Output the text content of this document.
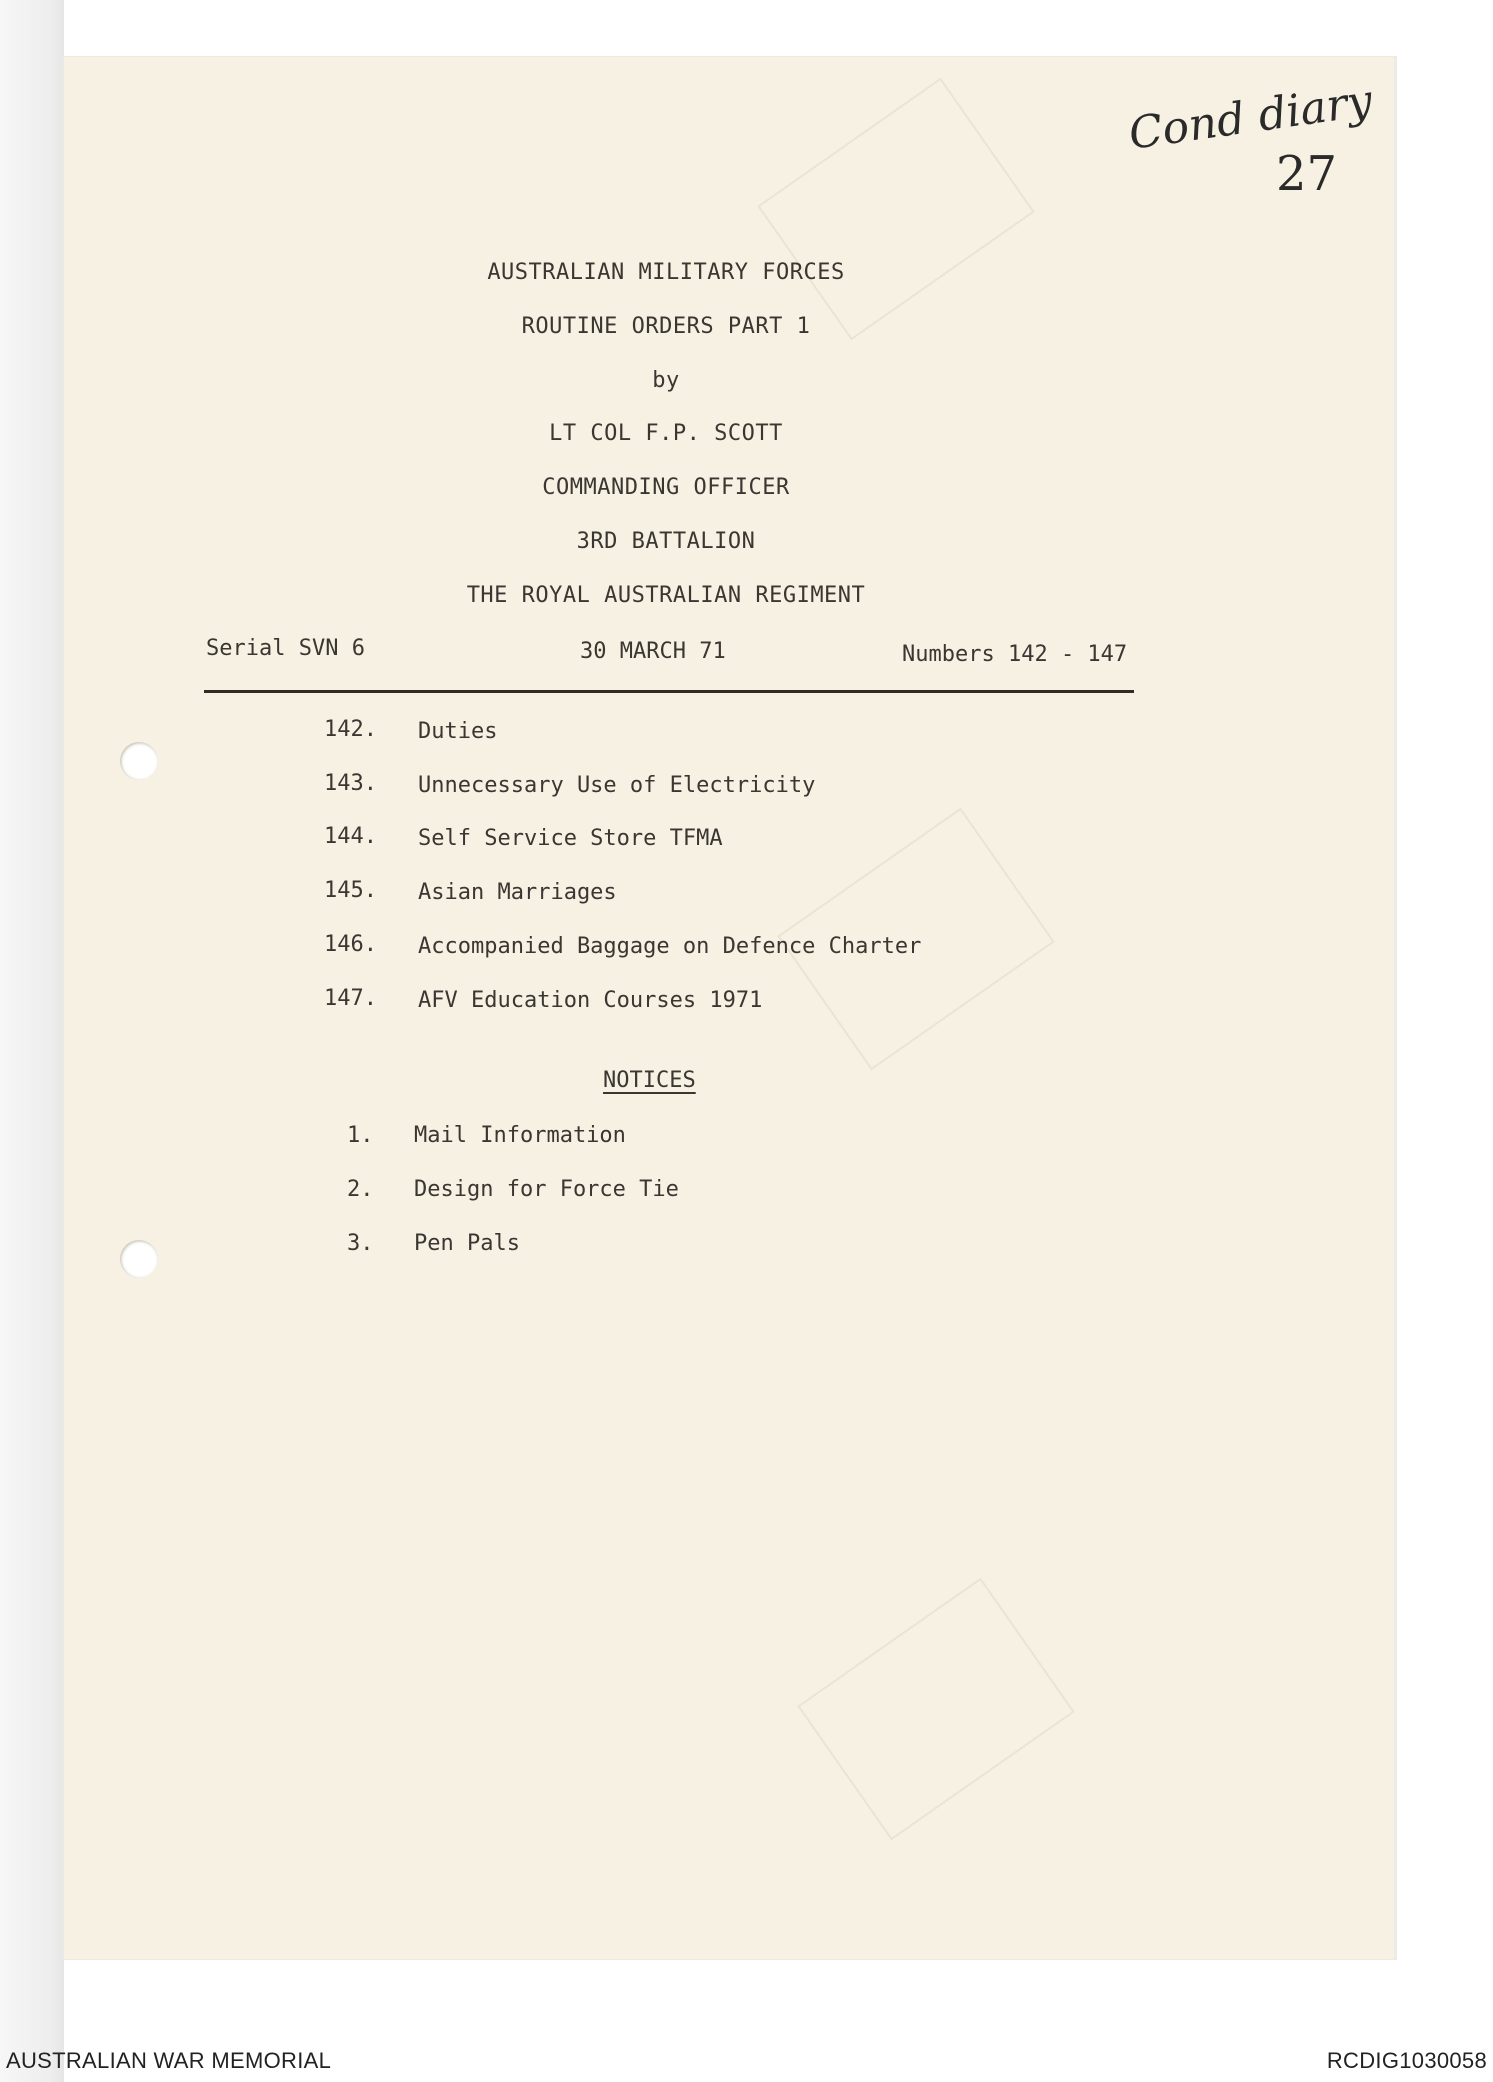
Cond diary
27
AUSTRALIAN MILITARY FORCES
ROUTINE ORDERS PART 1
by
LT COL F.P. SCOTT
COMMANDING OFFICER
3RD BATTALION
THE ROYAL AUSTRALIAN REGIMENT
Serial SVN 6	30 MARCH 71	Numbers 142 - 147
142. Duties
143. Unnecessary Use of Electricity
144. Self Service Store TFMA
145. Asian Marriages
146. Accompanied Baggage on Defence Charter
147. AFV Education Courses 1971
NOTICES
1. Mail Information
2. Design for Force Tie
3. Pen Pals
AUSTRALIAN WAR MEMORIAL	RCDIG1030058
